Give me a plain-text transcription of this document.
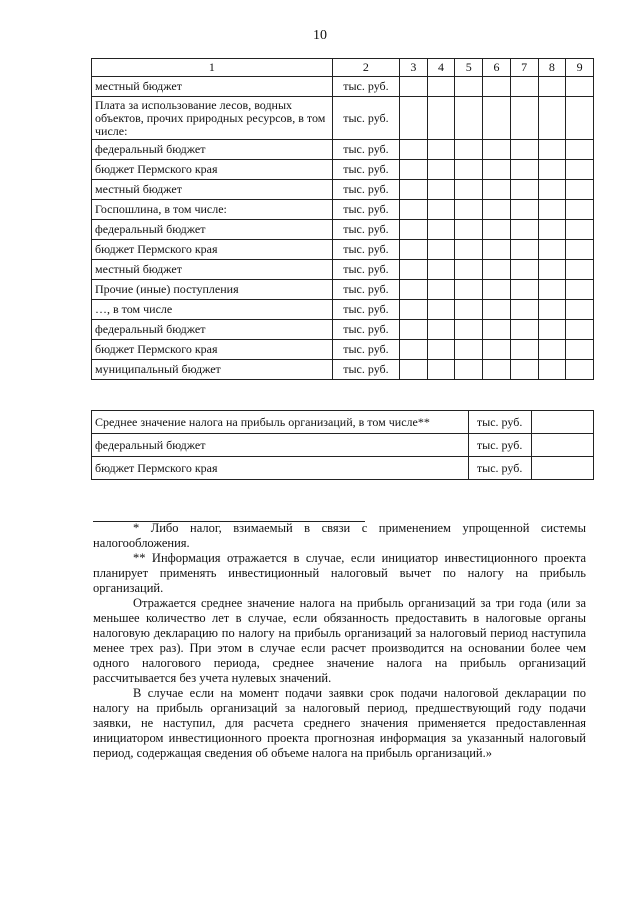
10
1	2	3	4	5	6	7	8	9
местный бюджет	тыс. руб.							
Плата за использование лесов, водных объектов, прочих природных ресурсов, в том числе:	тыс. руб.							
федеральный бюджет	тыс. руб.							
бюджет Пермского края	тыс. руб.							
местный бюджет	тыс. руб.							
Госпошлина, в том числе:	тыс. руб.							
федеральный бюджет	тыс. руб.							
бюджет Пермского края	тыс. руб.							
местный бюджет	тыс. руб.							
Прочие (иные) поступления	тыс. руб.							
…, в том числе	тыс. руб.							
федеральный бюджет	тыс. руб.							
бюджет Пермского края	тыс. руб.							
муниципальный бюджет	тыс. руб.							
Среднее значение налога на прибыль организаций, в том числе**	тыс. руб.	
федеральный бюджет	тыс. руб.	
бюджет Пермского края	тыс. руб.	

* Либо налог, взимаемый в связи с применением упрощенной системы налогообложения.

** Информация отражается в случае, если инициатор инвестиционного проекта планирует применять инвестиционный налоговый вычет по налогу на прибыль организаций.

Отражается среднее значение налога на прибыль организаций за три года (или за меньшее количество лет в случае, если обязанность предоставить в налоговые органы налоговую декларацию по налогу на прибыль организаций за налоговый период наступила менее трех раз). При этом в случае если расчет производится на основании более чем одного налогового периода, среднее значение налога на прибыль организаций рассчитывается без учета нулевых значений.

В случае если на момент подачи заявки срок подачи налоговой декларации по налогу на прибыль организаций за налоговый период, предшествующий году подачи заявки, не наступил, для расчета среднего значения применяется предоставленная инициатором инвестиционного проекта прогнозная информация за указанный налоговый период, содержащая сведения об объеме налога на прибыль организаций.»
